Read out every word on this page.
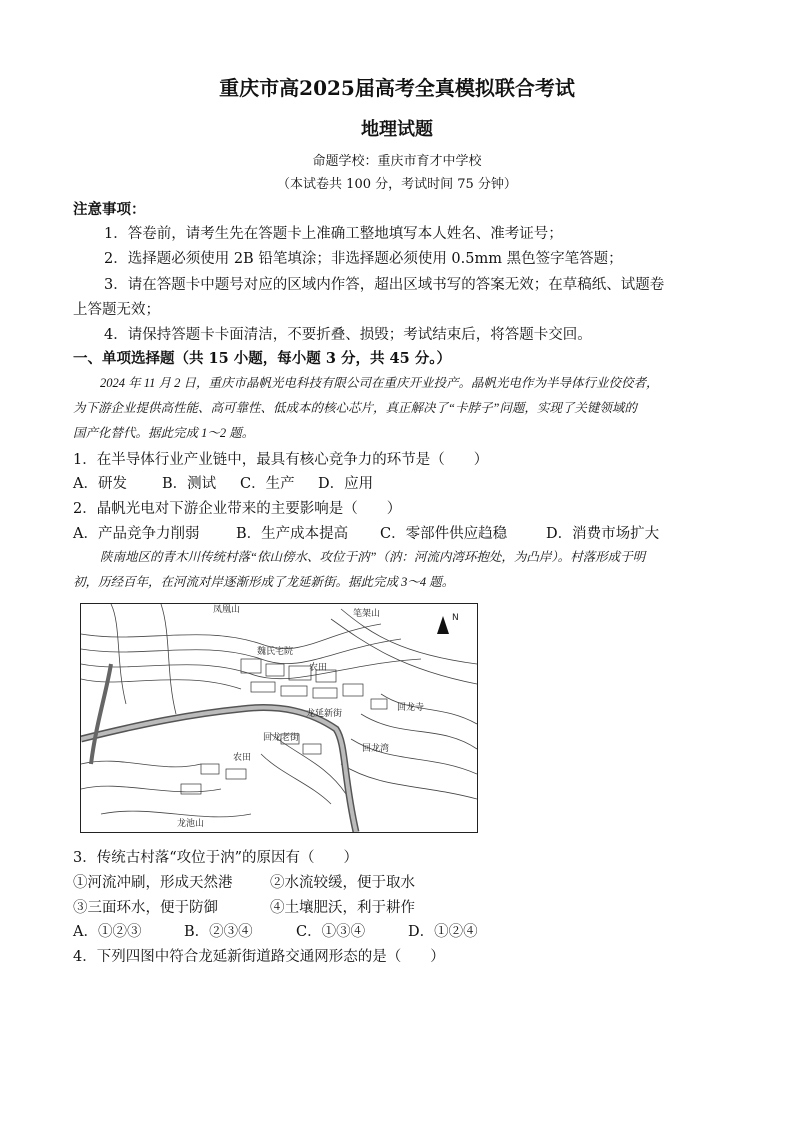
重庆市高2025届高考全真模拟联合考试
地理试题
命题学校：重庆市育才中学校
（本试卷共 100 分，考试时间 75 分钟）
注意事项：
1．答卷前，请考生先在答题卡上准确工整地填写本人姓名、准考证号；
2．选择题必须使用 2B 铅笔填涂；非选择题必须使用 0.5mm 黑色签字笔答题；
3．请在答题卡中题号对应的区域内作答，超出区域书写的答案无效；在草稿纸、试题卷
上答题无效；
4．请保持答题卡卡面清洁，不要折叠、损毁；考试结束后，将答题卡交回。
一、单项选择题（共 15 小题，每小题 3 分，共 45 分。）
2024 年 11 月 2 日，重庆市晶帆光电科技有限公司在重庆开业投产。晶帆光电作为半导体行业佼佼者，
为下游企业提供高性能、高可靠性、低成本的核心芯片，真正解决了“卡脖子”问题，实现了关键领域的
国产化替代。据此完成 1～2 题。
1．在半导体行业产业链中，最具有核心竞争力的环节是（　　）
A．研发 B．测试 C．生产 D．应用
2．晶帆光电对下游企业带来的主要影响是（　　）
A．产品竞争力削弱	B．生产成本提高 C．零部件供应趋稳	D．消费市场扩大
陕南地区的青木川传统村落“依山傍水、攻位于汭”（汭：河流内湾环抱处，为凸岸）。村落形成于明
初，历经百年，在河流对岸逐渐形成了龙延新街。据此完成 3～4 题。
N
凤凰山	笔架山
魏氏宅院
农田
龙延新街
回龙寺
回龙老街
回龙湾
农田
龙池山
3．传统古村落“攻位于汭”的原因有（　　）
①河流冲刷，形成天然港	②水流较缓，便于取水
③三面环水，便于防御	④土壤肥沃，利于耕作
A．①②③	B．②③④	C．①③④	D．①②④
4．下列四图中符合龙延新街道路交通网形态的是（　　）
